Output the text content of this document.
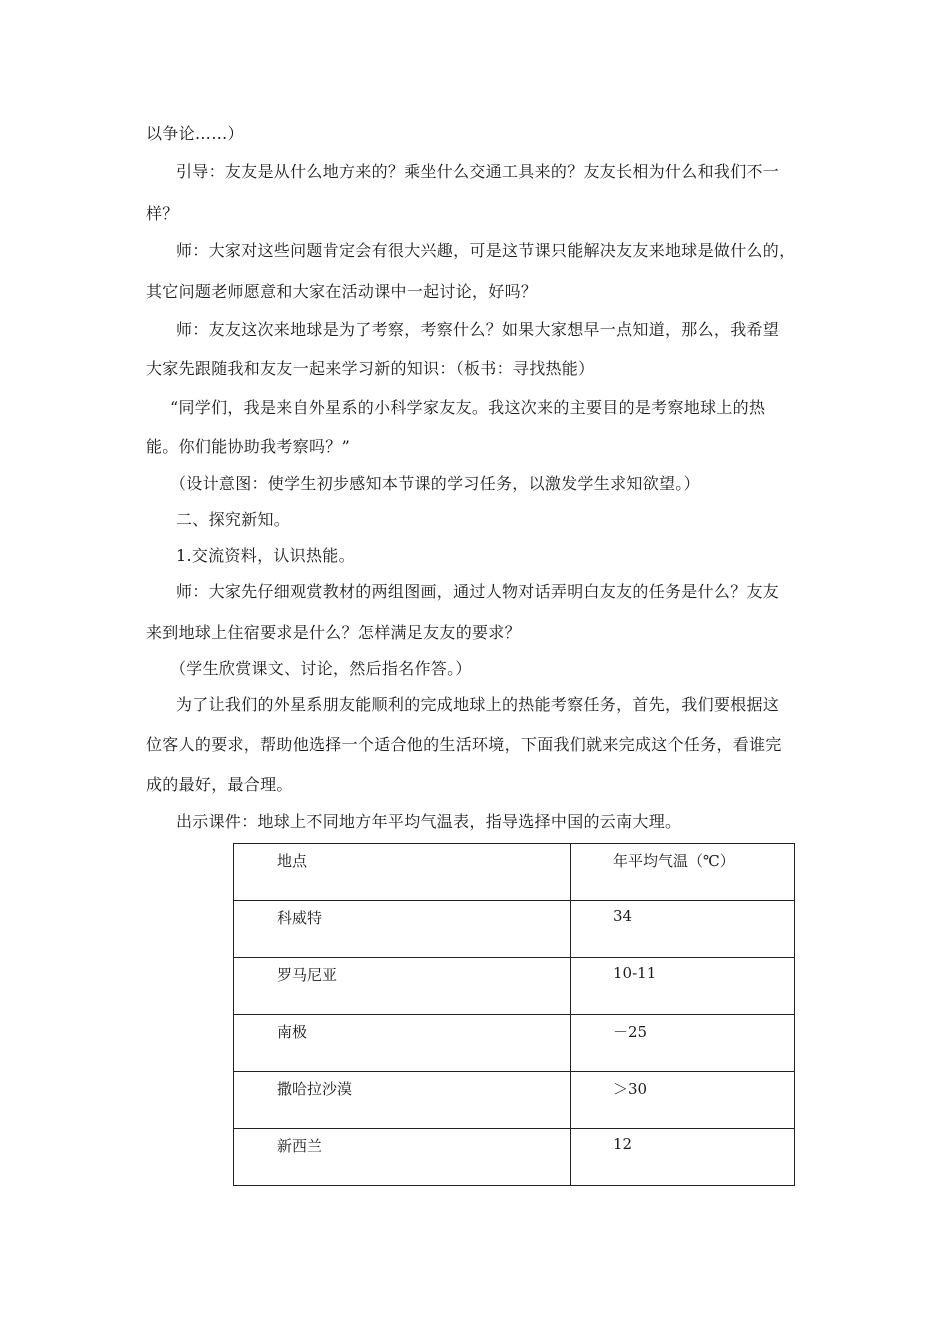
以争论……）

引导：友友是从什么地方来的？乘坐什么交通工具来的？友友长相为什么和我们不一

样？

师：大家对这些问题肯定会有很大兴趣，可是这节课只能解决友友来地球是做什么的，

其它问题老师愿意和大家在活动课中一起讨论，好吗？

师：友友这次来地球是为了考察，考察什么？如果大家想早一点知道，那么，我希望

大家先跟随我和友友一起来学习新的知识：（板书：寻找热能）

“同学们，我是来自外星系的小科学家友友。我这次来的主要目的是考察地球上的热

能。你们能协助我考察吗？”

（设计意图：使学生初步感知本节课的学习任务，以激发学生求知欲望。）

二、探究新知。

1.交流资料，认识热能。

师：大家先仔细观赏教材的两组图画，通过人物对话弄明白友友的任务是什么？友友

来到地球上住宿要求是什么？怎样满足友友的要求？

（学生欣赏课文、讨论，然后指名作答。）

为了让我们的外星系朋友能顺利的完成地球上的热能考察任务，首先，我们要根据这

位客人的要求，帮助他选择一个适合他的生活环境，下面我们就来完成这个任务，看谁完

成的最好，最合理。

出示课件：地球上不同地方年平均气温表，指导选择中国的云南大理。

地点	年平均气温（℃）
科威特	34
罗马尼亚	10-11
南极	－25
撒哈拉沙漠	＞30
新西兰	12
